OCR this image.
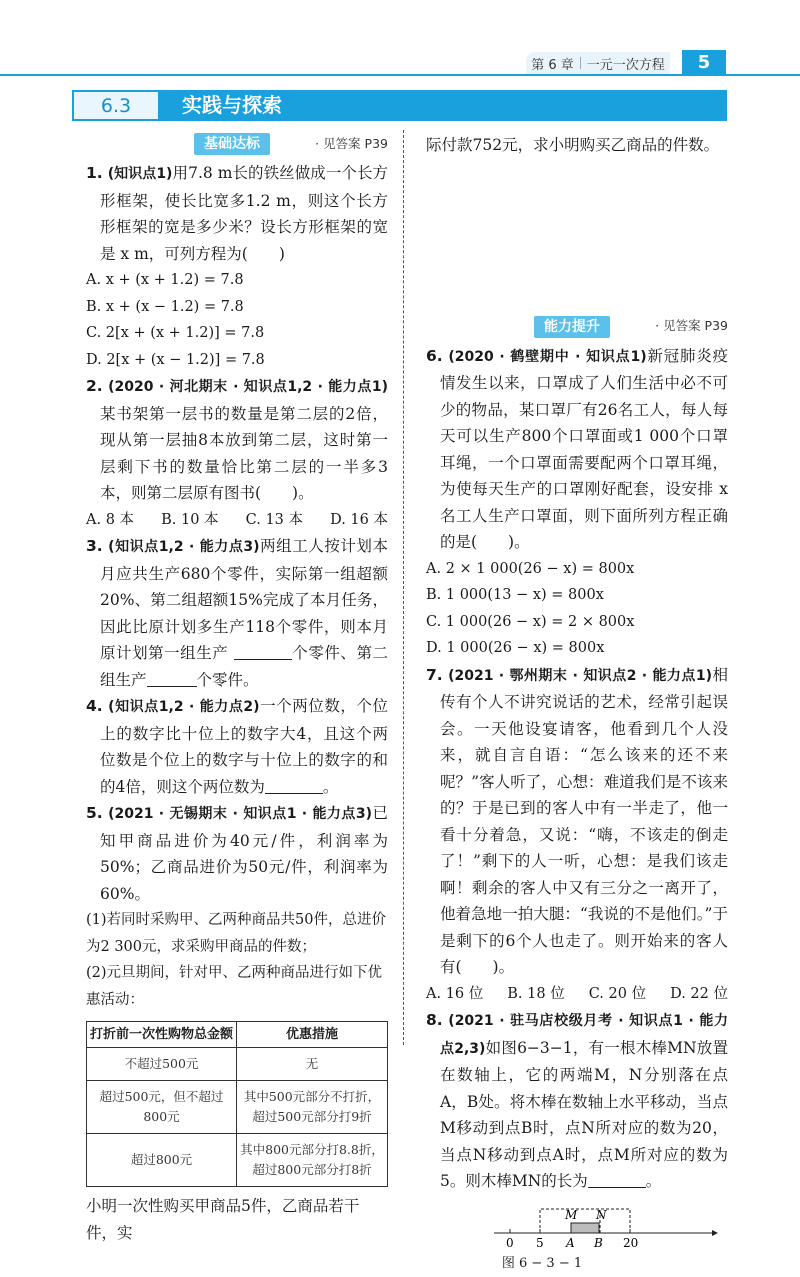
第 6 章 一元一次方程	5
6.3	实践与探索
基础达标	· 见答案 P39
1. (知识点1)用7.8 m长的铁丝做成一个长方形框架，使长比宽多1.2 m，则这个长方形框架的宽是多少米？设长方形框架的宽是 x m，可列方程为(　　)
A. x + (x + 1.2) = 7.8
B. x + (x − 1.2) = 7.8
C. 2[x + (x + 1.2)] = 7.8
D. 2[x + (x − 1.2)] = 7.8
2. (2020 · 河北期末 · 知识点1,2 · 能力点1)某书架第一层书的数量是第二层的2倍，现从第一层抽8本放到第二层，这时第一层剩下书的数量恰比第二层的一半多3本，则第二层原有图书(　　)。
A. 8 本 B. 10 本 C. 13 本 D. 16 本
3. (知识点1,2 · 能力点3)两组工人按计划本月应共生产680个零件，实际第一组超额20%、第二组超额15%完成了本月任务，因此比原计划多生产118个零件，则本月原计划第一组生产	个零件、第二组生产	个零件。
4. (知识点1,2 · 能力点2)一个两位数，个位上的数字比十位上的数字大4，且这个两位数是个位上的数字与十位上的数字的和的4倍，则这个两位数为	。
5. (2021 · 无锡期末 · 知识点1 · 能力点3)已知甲商品进价为40元/件，利润率为50%；乙商品进价为50元/件，利润率为60%。
(1)若同时采购甲、乙两种商品共50件，总进价为2 300元，求采购甲商品的件数；
(2)元旦期间，针对甲、乙两种商品进行如下优惠活动：
打折前一次性购物总金额	优惠措施
不超过500元	无
超过500元，但不超过800元	其中500元部分不打折，超过500元部分打9折
超过800元	其中800元部分打8.8折，超过800元部分打8折
小明一次性购买甲商品5件，乙商品若干件，实
际付款752元，求小明购买乙商品的件数。
能力提升	· 见答案 P39
6. (2020 · 鹤壁期中 · 知识点1)新冠肺炎疫情发生以来，口罩成了人们生活中必不可少的物品，某口罩厂有26名工人，每人每天可以生产800个口罩面或1 000个口罩耳绳，一个口罩面需要配两个口罩耳绳，为使每天生产的口罩刚好配套，设安排 x 名工人生产口罩面，则下面所列方程正确的是(　　)。
A. 2 × 1 000(26 − x) = 800x
B. 1 000(13 − x) = 800x
C. 1 000(26 − x) = 2 × 800x
D. 1 000(26 − x) = 800x
7. (2021 · 鄂州期末 · 知识点2 · 能力点1)相传有个人不讲究说话的艺术，经常引起误会。一天他设宴请客，他看到几个人没来，就自言自语：“怎么该来的还不来呢？”客人听了，心想：难道我们是不该来的？于是已到的客人中有一半走了，他一看十分着急，又说：“嗨，不该走的倒走了！”剩下的人一听，心想：是我们该走啊！剩余的客人中又有三分之一离开了，他着急地一拍大腿：“我说的不是他们。”于是剩下的6个人也走了。则开始来的客人有(　　)。
A. 16 位 B. 18 位 C. 20 位 D. 22 位
8. (2021 · 驻马店校级月考 · 知识点1 · 能力点2,3)如图6−3−1，有一根木棒MN放置在数轴上，它的两端M，N分别落在点A，B处。将木棒在数轴上水平移动，当点M移动到点B时，点N所对应的数为20，当点N移动到点A时，点M所对应的数为5。则木棒MN的长为	。
M N
0 5 A B 20
图 6 − 3 − 1
